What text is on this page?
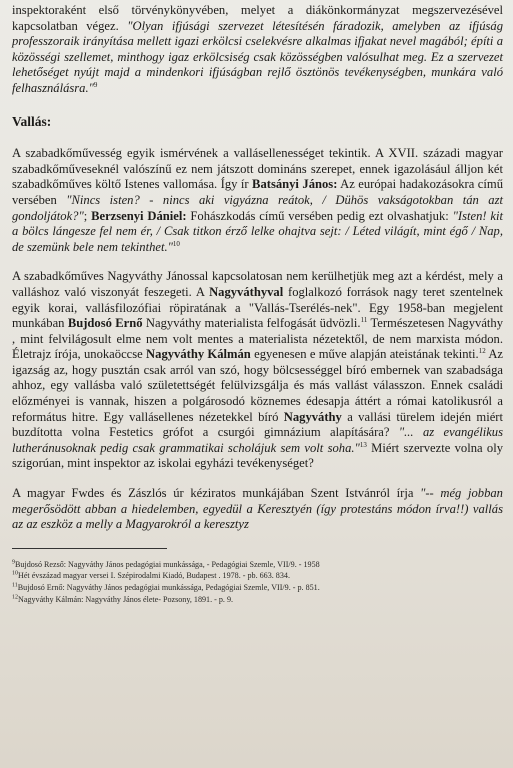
inspektoraként első törvénykönyvében, melyet a diákönkormányzat megszervezésével kapcsolatban végez. "Olyan ifjúsági szervezet létesítésén fáradozik, amelyben az ifjúság professzoraik irányítása mellett igazi erkölcsi cselekvésre alkalmas ifjakat nevel magából; építi a közösségi szellemet, minthogy igaz erkölcsiség csak közösségben valósulhat meg. Ez a szervezet lehetőséget nyújt majd a mindenkori ifjúságban rejlő ösztönös tevékenységben, munkára való felhasználásra."$^9$

Vallás:

A szabadkőművesség egyik ismérvének a vallásellenességet tekintik. A XVII. századi magyar szabadkőműveseknél valószínű ez nem játszott domináns szerepet, ennek igazolásául álljon két szabadkőműves költő Istenes vallomása. Így ír Batsányi János: Az európai hadakozásokra című versében "Nincs isten? - nincs aki vigyázna reátok, / Dühös vakságotokban tán azt gondoljátok?"; Berzsenyi Dániel: Fohászkodás című versében pedig ezt olvashatjuk: "Isten! kit a bölcs lángesze fel nem ér, / Csak titkon érző lelke ohajtva sejt: / Léted világít, mint égő / Nap, de szemünk bele nem tekinthet."$^{10}$

A szabadkőműves Nagyváthy Jánossal kapcsolatosan nem kerülhetjük meg azt a kérdést, mely a valláshoz való viszonyát feszegeti. A Nagyváthyval foglalkozó források nagy teret szentelnek egyik korai, vallásfilozófiai röpiratának a "Vallás-Tserélés-nek". Egy 1958-ban megjelent munkában Bujdosó Ernő Nagyváthy materialista felfogását üdvözli.$^{11}$ Természetesen Nagyváthy , mint felvilágosult elme nem volt mentes a materialista nézetektől, de nem marxista módon. Életrajz írója, unokaöccse Nagyváthy Kálmán egyenesen e műve alapján ateistának tekinti.$^{12}$ Az igazság az, hogy pusztán csak arról van szó, hogy bölcsességgel bíró embernek van szabadsága ahhoz, egy vallásba való születettségét felülvizsgálja és más vallást válasszon. Ennek családi előzményei is vannak, hiszen a polgárosodó köznemes édesapja áttért a római katolikusról a református hitre. Egy vallásellenes nézetekkel bíró Nagyváthy a vallási türelem idején miért buzdította volna Festetics grófot a csurgói gimnázium alapítására? "... az evangélikus lutheránusoknak pedig csak grammatikai scholájuk sem volt soha."$^{13}$ Miért szervezte volna oly szigorúan, mint inspektor az iskolai egyházi tevékenységet?

A magyar Fwdes és Zászlós úr kéziratos munkájában Szent Istvánról írja "-- még jobban megerősödött abban a hiedelemben, egyedül a Keresztyén (így protestáns módon írva!!) vallás az az eszköz a melly a Magyarokról a keresztyz

$^9$Bujdosó Rezső: Nagyváthy János pedagógiai munkássága, - Pedagógiai Szemle, VII/9. - 1958
$^{10}$Hét évszázad magyar versei I. Szépirodalmi Kiadó, Budapest . 1978. - pb. 663. 834.
$^{11}$Bujdosó Ernő: Nagyváthy János pedagógiai munkássága, Pedagógiai Szemle, VII/9. - p. 851.
$^{12}$Nagyváthy Kálmán: Nagyváthy János élete- Pozsony, 1891. - p. 9.
